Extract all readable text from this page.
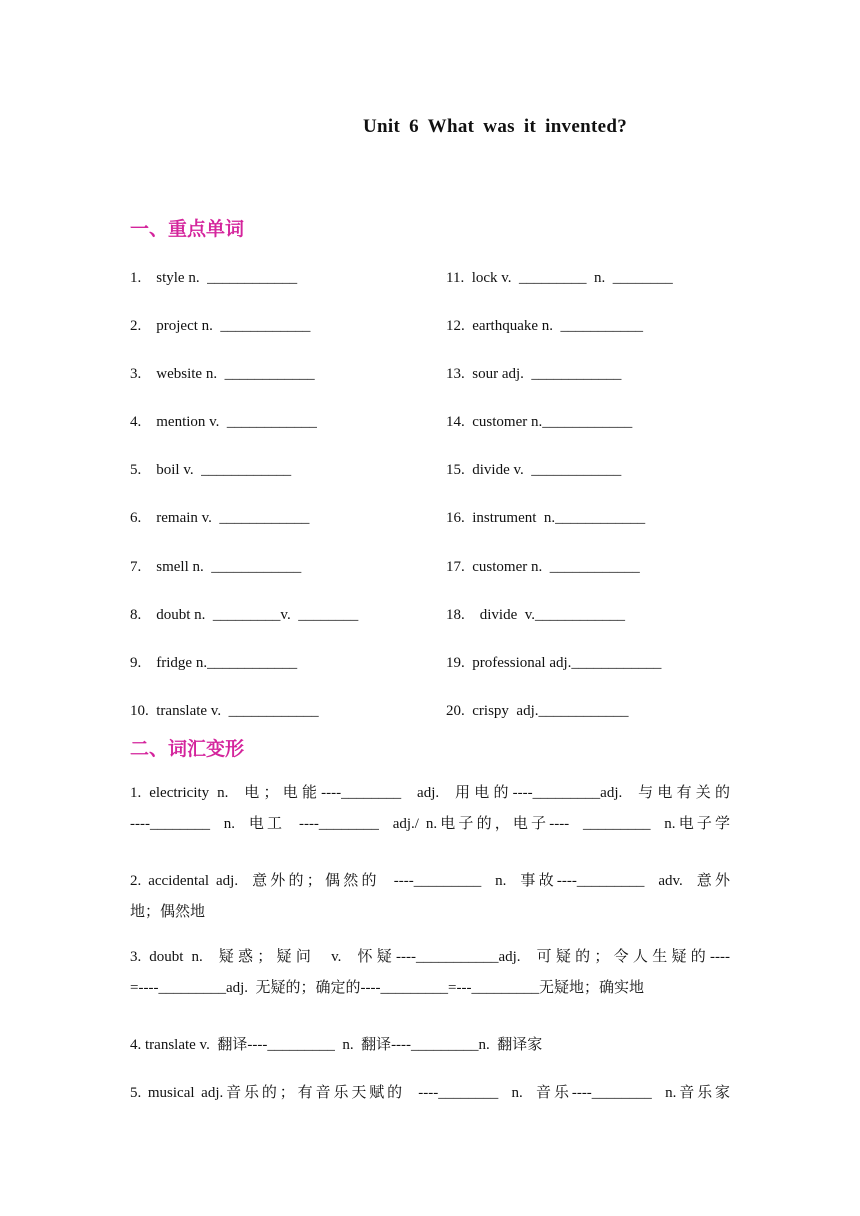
Unit 6 What was it invented?
一、重点单词
1.    style n.  ____________
2.    project n.  ____________
3.    website n.  ____________
4.    mention v.  ____________
5.    boil v.  ____________
6.    remain v.  ____________
7.    smell n.  ____________
8.    doubt n.  _________v.  ________
9.    fridge n.____________
10.  translate v.  ____________
11.  lock v.  _________  n.  ________
12.  earthquake n.  ___________
13.  sour adj.  ____________
14.  customer n.____________
15.  divide v.  ____________
16.  instrument  n.____________
17.  customer n.  ____________
18.    divide  v.____________
19.  professional adj.____________
20.  crispy  adj.____________
二、词汇变形
1. electricity n.  电；电能----________  adj.  用电的----_________adj.  与电有关的
----________  n.  电工  ----________  adj./ n.电子的，电子----  _________  n.电子学
2. accidental adj.  意外的；偶然的  ----_________  n.  事故----_________  adv.  意外
地；偶然地
3. doubt n.  疑惑；疑问  v.  怀疑----___________adj.  可疑的；令人生疑的----
=----_________adj.  无疑的；确定的----_________=---_________无疑地；确实地
4. translate v.  翻译----_________  n.  翻译----_________n.  翻译家
5. musical adj.音乐的；有音乐天赋的  ----________  n.  音乐----________  n.音乐家
